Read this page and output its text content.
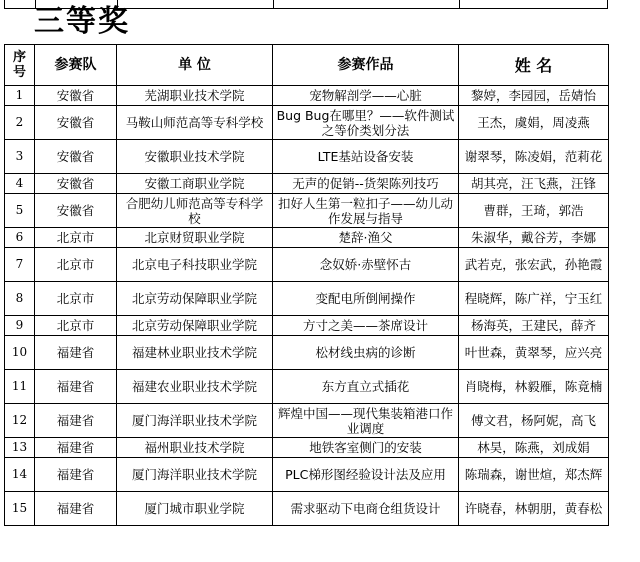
三等奖
序号	参赛队	单 位	参赛作品	姓 名
1	安徽省	芜湖职业技术学院	宠物解剖学——心脏	黎婷，李园园，岳婧怡
2	安徽省	马鞍山师范高等专科学校	Bug Bug在哪里？——软件测试之等价类划分法	王杰，虞娟，周凌燕
3	安徽省	安徽职业技术学院	LTE基站设备安装	谢翠琴，陈凌娟，范莉花
4	安徽省	安徽工商职业学院	无声的促销--货架陈列技巧	胡其亮，汪飞燕，汪锋
5	安徽省	合肥幼儿师范高等专科学校	扣好人生第一粒扣子——幼儿动作发展与指导	曹群，王琦，郭浩
6	北京市	北京财贸职业学院	楚辞·渔父	朱淑华，戴谷芳，李娜
7	北京市	北京电子科技职业学院	念奴娇·赤壁怀古	武若克，张宏武，孙艳霞
8	北京市	北京劳动保障职业学院	变配电所倒闸操作	程晓辉，陈广祥，宁玉红
9	北京市	北京劳动保障职业学院	方寸之美——茶席设计	杨海英，王建民，薛齐
10	福建省	福建林业职业技术学院	松材线虫病的诊断	叶世森，黄翠琴，应兴亮
11	福建省	福建农业职业技术学院	东方直立式插花	肖晓梅，林毅雁，陈竟楠
12	福建省	厦门海洋职业技术学院	辉煌中国——现代集装箱港口作业调度	傅文君，杨阿妮，高飞
13	福建省	福州职业技术学院	地铁客室侧门的安装	林昊，陈燕，刘成娟
14	福建省	厦门海洋职业技术学院	PLC梯形图经验设计法及应用	陈瑞森，谢世煊，郑杰辉
15	福建省	厦门城市职业学院	需求驱动下电商仓组货设计	许晓春，林朝朋，黄春松
